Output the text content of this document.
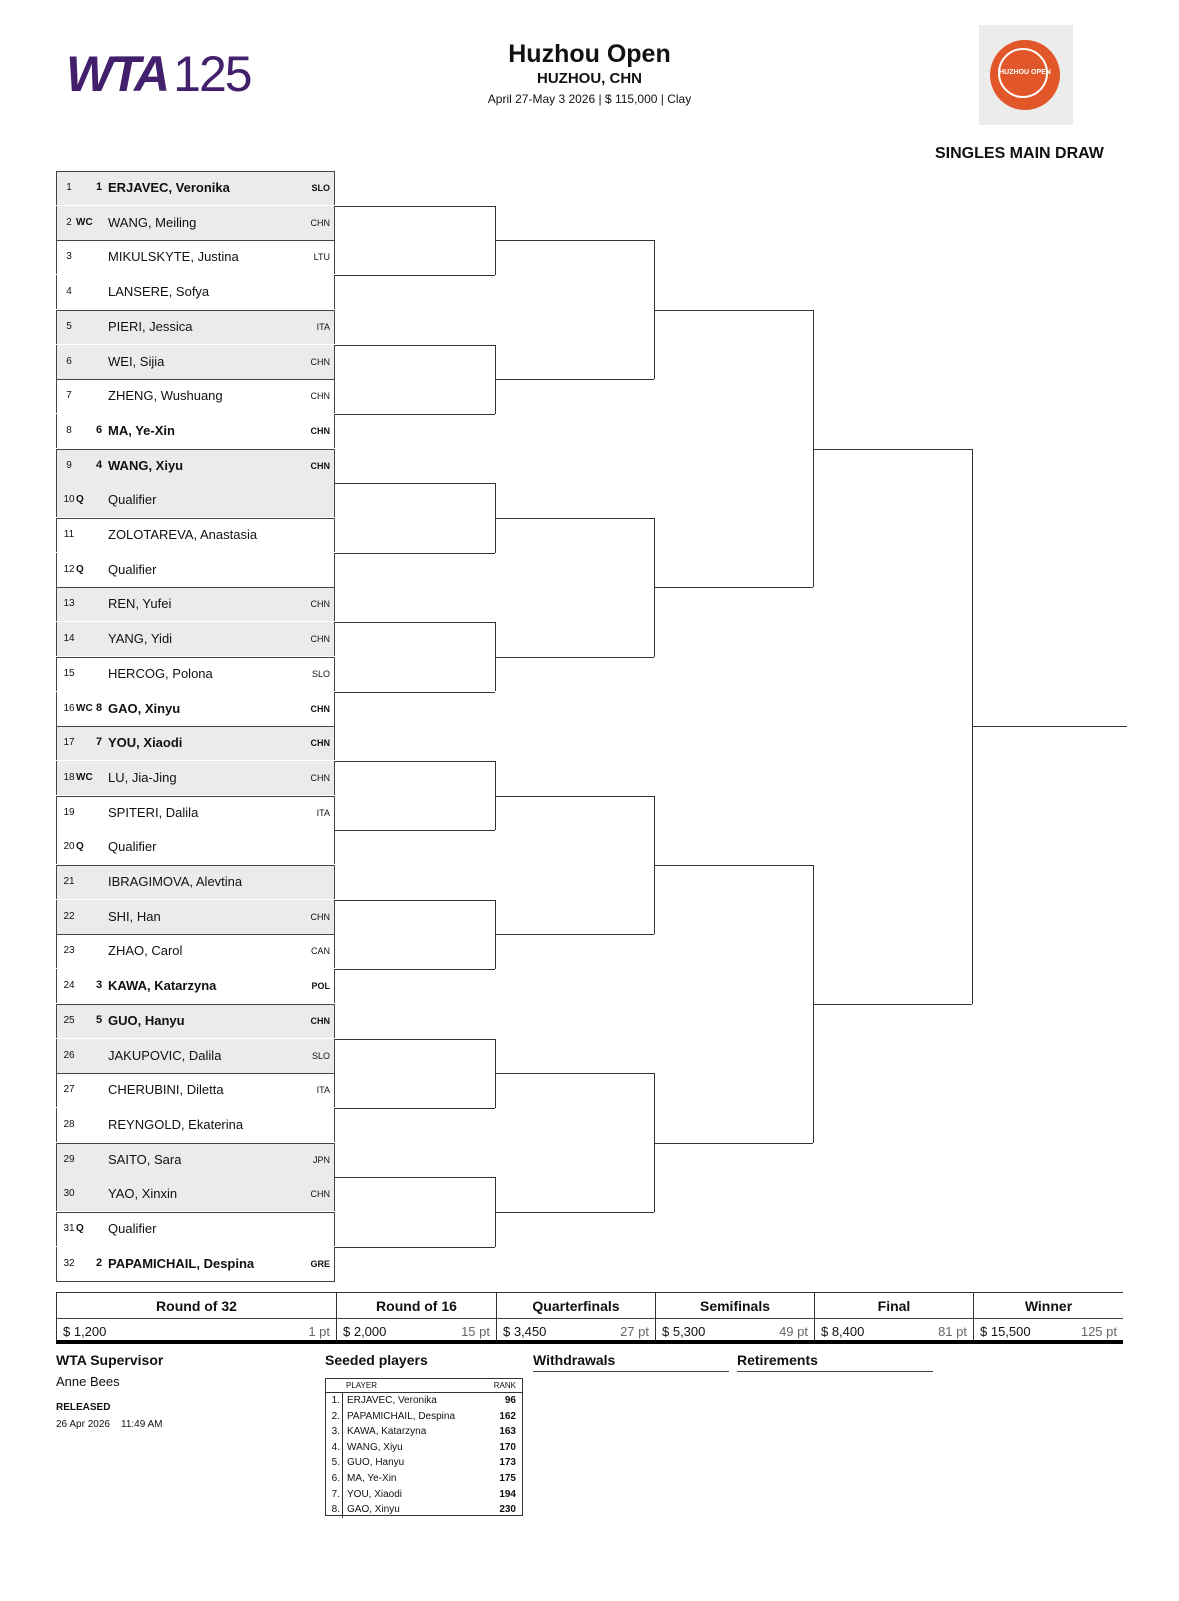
WTA 125	Huzhou Open
HUZHOU, CHN
April 27-May 3 2026 | $ 115,000 | Clay
HUZHOU OPEN
SINGLES MAIN DRAW
1	1 ERJAVEC, Veronika	SLO
2 WC WANG, Meiling	CHN
3	MIKULSKYTE, Justina	LTU
4	LANSERE, Sofya
5	PIERI, Jessica	ITA
6	WEI, Sijia	CHN
7	ZHENG, Wushuang	CHN
8	6 MA, Ye-Xin	CHN
9	4 WANG, Xiyu	CHN
10 Q Qualifier
11	ZOLOTAREVA, Anastasia
12 Q Qualifier
13	REN, Yufei	CHN
14	YANG, Yidi	CHN
15	HERCOG, Polona	SLO
16 WC 8 GAO, Xinyu	CHN
17 7 YOU, Xiaodi	CHN
18 WC LU, Jia-Jing	CHN
19	SPITERI, Dalila	ITA
20 Q Qualifier
21	IBRAGIMOVA, Alevtina
22	SHI, Han	CHN
23	ZHAO, Carol	CAN
24 3 KAWA, Katarzyna	POL
25 5 GUO, Hanyu	CHN
26	JAKUPOVIC, Dalila	SLO
27	CHERUBINI, Diletta	ITA
28	REYNGOLD, Ekaterina
29	SAITO, Sara	JPN
30	YAO, Xinxin	CHN
31 Q Qualifier
32 2 PAPAMICHAIL, Despina	GRE
Round of 32
$ 1,200	1 pt
Round of 16
$ 2,000	15 pt
Quarterfinals
$ 3,450	27 pt
Semifinals
$ 5,300	49 pt
Final
$ 8,400	81 pt
Winner
$ 15,500	125 pt
WTA Supervisor
Anne Bees
RELEASED
26 Apr 2026 11:49 AM
Seeded players
PLAYER	RANK
1. ERJAVEC, Veronika	96
2. PAPAMICHAIL, Despina	162
3. KAWA, Katarzyna	163
4. WANG, Xiyu	170
5. GUO, Hanyu	173
6. MA, Ye-Xin	175
7. YOU, Xiaodi	194
8. GAO, Xinyu	230
Withdrawals	Retirements
